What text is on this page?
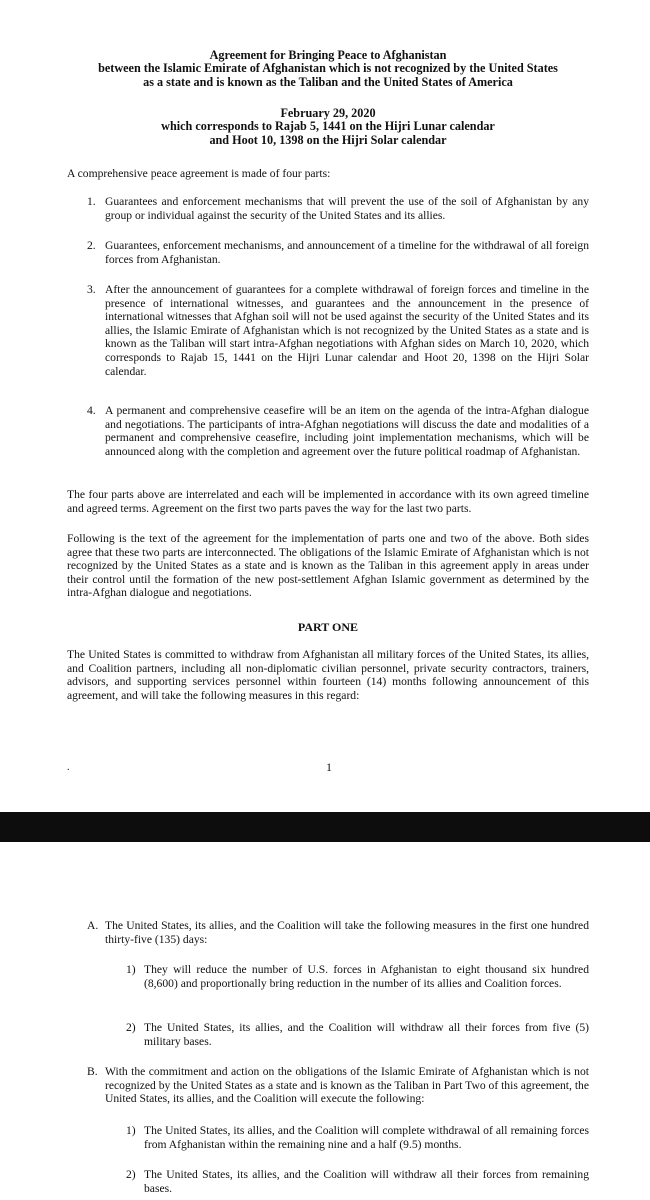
Agreement for Bringing Peace to Afghanistan
between the Islamic Emirate of Afghanistan which is not recognized by the United States
as a state and is known as the Taliban and the United States of America
February 29, 2020
which corresponds to Rajab 5, 1441 on the Hijri Lunar calendar
and Hoot 10, 1398 on the Hijri Solar calendar

A comprehensive peace agreement is made of four parts:

1. Guarantees and enforcement mechanisms that will prevent the use of the soil of Afghanistan by any group or individual against the security of the United States and its allies.
2. Guarantees, enforcement mechanisms, and announcement of a timeline for the withdrawal of all foreign forces from Afghanistan.
3. After the announcement of guarantees for a complete withdrawal of foreign forces and timeline in the presence of international witnesses, and guarantees and the announcement in the presence of international witnesses that Afghan soil will not be used against the security of the United States and its allies, the Islamic Emirate of Afghanistan which is not recognized by the United States as a state and is known as the Taliban will start intra-Afghan negotiations with Afghan sides on March 10, 2020, which corresponds to Rajab 15, 1441 on the Hijri Lunar calendar and Hoot 20, 1398 on the Hijri Solar calendar.
4. A permanent and comprehensive ceasefire will be an item on the agenda of the intra-Afghan dialogue and negotiations. The participants of intra-Afghan negotiations will discuss the date and modalities of a permanent and comprehensive ceasefire, including joint implementation mechanisms, which will be announced along with the completion and agreement over the future political roadmap of Afghanistan.

The four parts above are interrelated and each will be implemented in accordance with its own agreed timeline and agreed terms. Agreement on the first two parts paves the way for the last two parts.

Following is the text of the agreement for the implementation of parts one and two of the above. Both sides agree that these two parts are interconnected. The obligations of the Islamic Emirate of Afghanistan which is not recognized by the United States as a state and is known as the Taliban in this agreement apply in areas under their control until the formation of the new post-settlement Afghan Islamic government as determined by the intra-Afghan dialogue and negotiations.

PART ONE

The United States is committed to withdraw from Afghanistan all military forces of the United States, its allies, and Coalition partners, including all non-diplomatic civilian personnel, private security contractors, trainers, advisors, and supporting services personnel within fourteen (14) months following announcement of this agreement, and will take the following measures in this regard:

.	1
A. The United States, its allies, and the Coalition will take the following measures in the first one hundred thirty-five (135) days:
1) They will reduce the number of U.S. forces in Afghanistan to eight thousand six hundred (8,600) and proportionally bring reduction in the number of its allies and Coalition forces.
2) The United States, its allies, and the Coalition will withdraw all their forces from five (5) military bases.
B. With the commitment and action on the obligations of the Islamic Emirate of Afghanistan which is not recognized by the United States as a state and is known as the Taliban in Part Two of this agreement, the United States, its allies, and the Coalition will execute the following:
1) The United States, its allies, and the Coalition will complete withdrawal of all remaining forces from Afghanistan within the remaining nine and a half (9.5) months.
2) The United States, its allies, and the Coalition will withdraw all their forces from remaining bases.
